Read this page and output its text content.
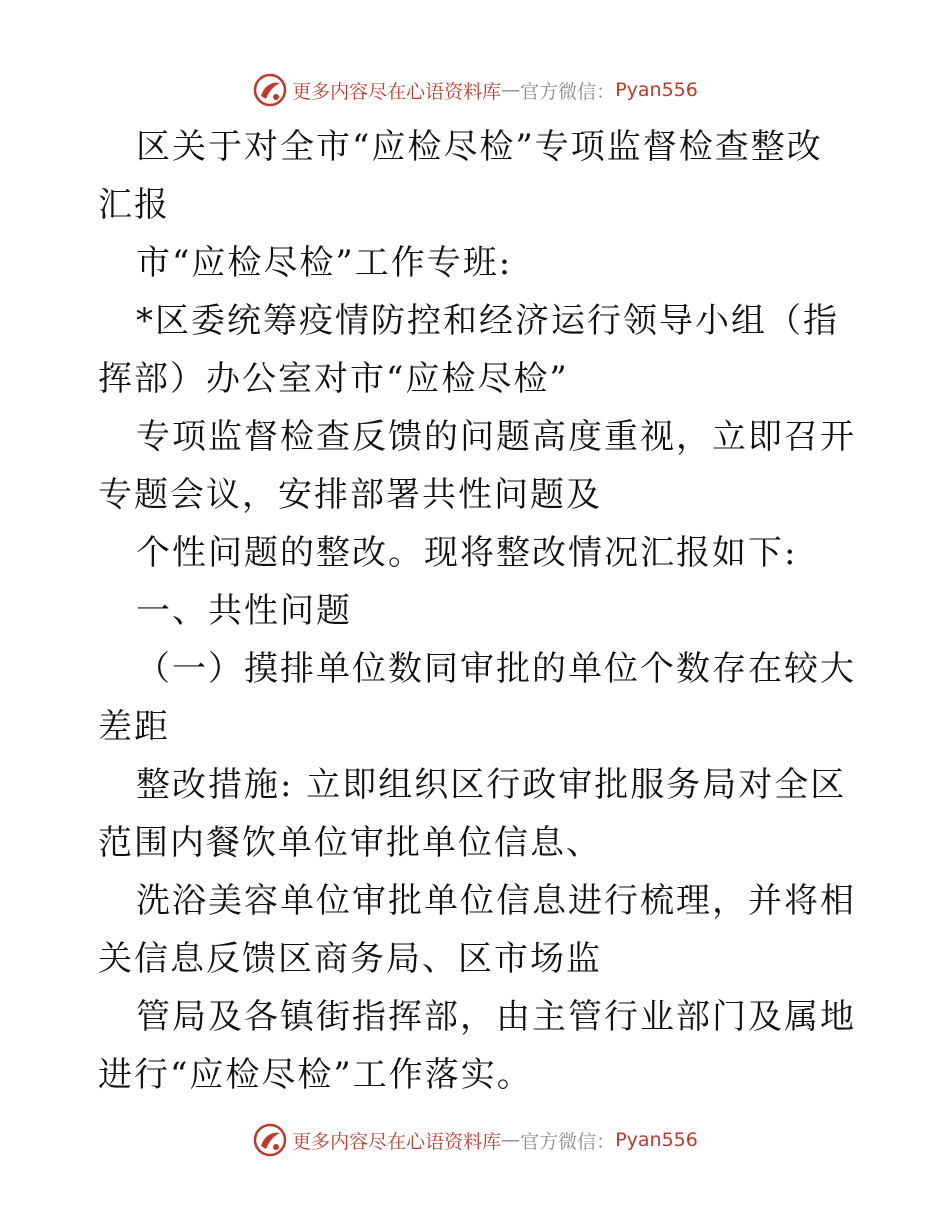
更多内容尽在心语资料库 — 官方微信： Pyan556

区关于对全市“应检尽检”专项监督检查整改汇报

市“应检尽检”工作专班:

*区委统筹疫情防控和经济运行领导小组（指挥部）办公室对市“应检尽检”

专项监督检查反馈的问题高度重视，立即召开专题会议，安排部署共性问题及

个性问题的整改。现将整改情况汇报如下:

一、共性问题

（一）摸排单位数同审批的单位个数存在较大差距

整改措施: 立即组织区行政审批服务局对全区范围内餐饮单位审批单位信息、

洗浴美容单位审批单位信息进行梳理，并将相关信息反馈区商务局、区市场监

管局及各镇街指挥部，由主管行业部门及属地进行“应检尽检”工作落实。

更多内容尽在心语资料库 — 官方微信： Pyan556
